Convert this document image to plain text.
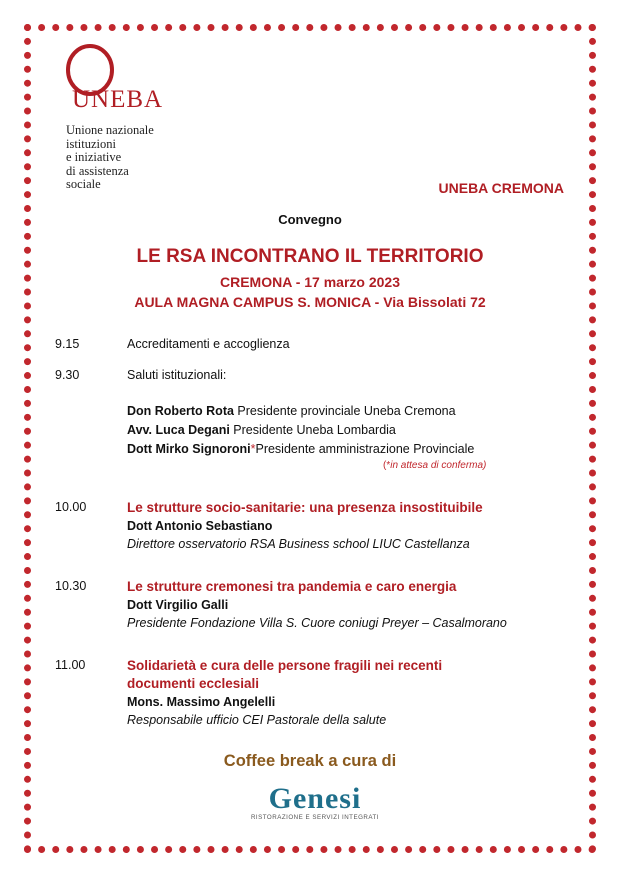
UNEBA
Unione nazionale
istituzioni
e iniziative
di assistenza
sociale	UNEBA CREMONA
Convegno
LE RSA INCONTRANO IL TERRITORIO
CREMONA - 17 marzo 2023
AULA MAGNA CAMPUS S. MONICA - Via Bissolati 72
9.15	Accreditamenti e accoglienza
9.30	Saluti istituzionali:
Don Roberto Rota Presidente provinciale Uneba Cremona
Avv. Luca Degani Presidente Uneba Lombardia
Dott Mirko Signoroni*Presidente amministrazione Provinciale
(*in attesa di conferma)
10.00	Le strutture socio-sanitarie: una presenza insostituibile
Dott Antonio Sebastiano
Direttore osservatorio RSA Business school LIUC Castellanza
10.30	Le strutture cremonesi tra pandemia e caro energia
Dott Virgilio Galli
Presidente Fondazione Villa S. Cuore coniugi Preyer – Casalmorano
11.00	Solidarietà e cura delle persone fragili nei recenti
documenti ecclesiali
Mons. Massimo Angelelli
Responsabile ufficio CEI Pastorale della salute
Coffee break a cura di
Genesi
RISTORAZIONE E SERVIZI INTEGRATI
